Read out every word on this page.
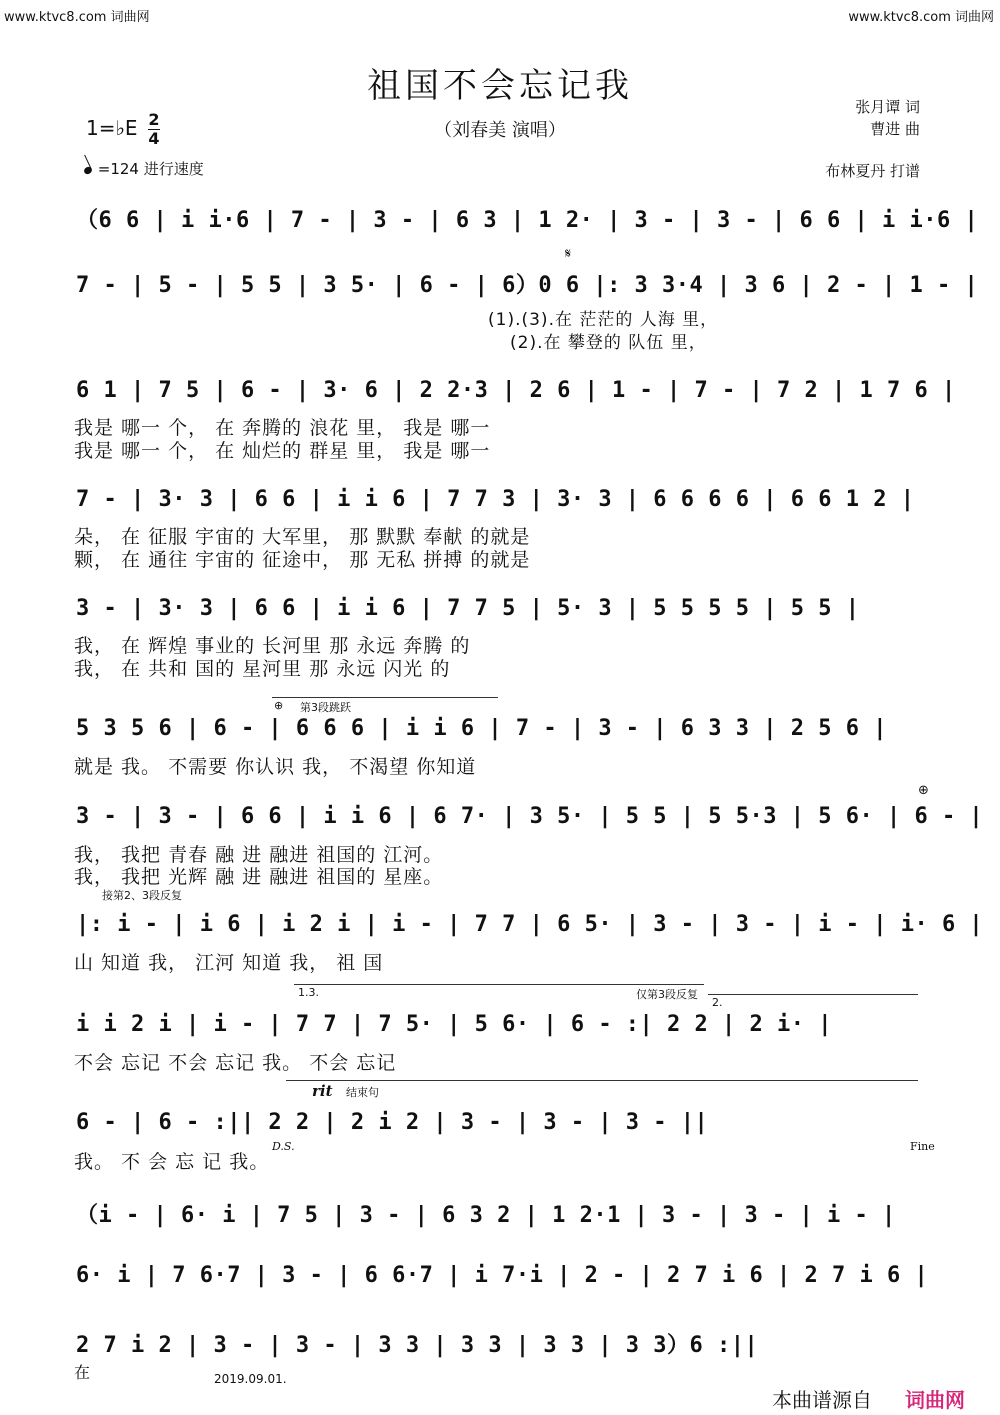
www.ktvc8.com 词曲网	www.ktvc8.com 词曲网
祖国不会忘记我
（刘春美 演唱）
张月谭 词
曹进 曲
布林夏丹 打谱
1=♭E $\frac{2}{4}$
=124 进行速度
（6 6 | i i·6 | 7 - | 3 - | 6 3 | 1 2· | 3 - | 3 - | 6 6 | i i·6 |
7 - | 5 - | 5 5 | 3 5· | 6 - | 6）0 6 |: 3 3·4 | 3 6 | 2 - | 1 - |
𝄋
(1).(3).在 茫茫的 人海 里，
(2).在 攀登的 队伍 里，
6 1 | 7 5 | 6 - | 3· 6 | 2 2·3 | 2 6 | 1 - | 7 - | 7 2 | 1 7 6 |
我是 哪一 个， 在 奔腾的 浪花 里， 我是 哪一
我是 哪一 个， 在 灿烂的 群星 里， 我是 哪一
7 - | 3· 3 | 6 6 | i i 6 | 7 7 3 | 3· 3 | 6 6 6 6 | 6 6 1 2 |
朵， 在 征服 宇宙的 大军里， 那 默默 奉献 的就是
颗， 在 通往 宇宙的 征途中， 那 无私 拼搏 的就是
3 - | 3· 3 | 6 6 | i i 6 | 7 7 5 | 5· 3 | 5 5 5 5 | 5 5 |
我， 在 辉煌 事业的 长河里 那 永远 奔腾 的
我， 在 共和 国的 星河里 那 永远 闪光 的
⊕ 第3段跳跃
5 3 5 6 | 6 - | 6 6 6 | i i 6 | 7 - | 3 - | 6 3 3 | 2 5 6 |
就是 我。 不需要 你认识 我， 不渴望 你知道
⊕
3 - | 3 - | 6 6 | i i 6 | 6 7· | 3 5· | 5 5 | 5 5·3 | 5 6· | 6 - |
我， 我把 青春 融 进 融进 祖国的 江河。
我， 我把 光辉 融 进 融进 祖国的 星座。
接第2、3段反复
|: i - | i 6 | i 2 i | i - | 7 7 | 6 5· | 3 - | 3 - | i - | i· 6 |
山 知道 我， 江河 知道 我， 祖 国
1.3.	仅第3段反复
2.
i i 2 i | i - | 7 7 | 7 5· | 5 6· | 6 - :| 2 2 | 2 i· |
不会 忘记 不会 忘记 我。 不会 忘记
rit 结束句
6 - | 6 - :|| 2 2 | 2 i 2 | 3 - | 3 - | 3 - ||
D.S.	Fine
我。 不 会 忘 记 我。
（i - | 6· i | 7 5 | 3 - | 6 3 2 | 1 2·1 | 3 - | 3 - | i - |
6· i | 7 6·7 | 3 - | 6 6·7 | i 7·i | 2 - | 2 7 i 6 | 2 7 i 6 |
2 7 i 2 | 3 - | 3 - | 3 3 | 3 3 | 3 3 | 3 3）6 :||
在	2019.09.01.
本曲谱源自 词曲网
